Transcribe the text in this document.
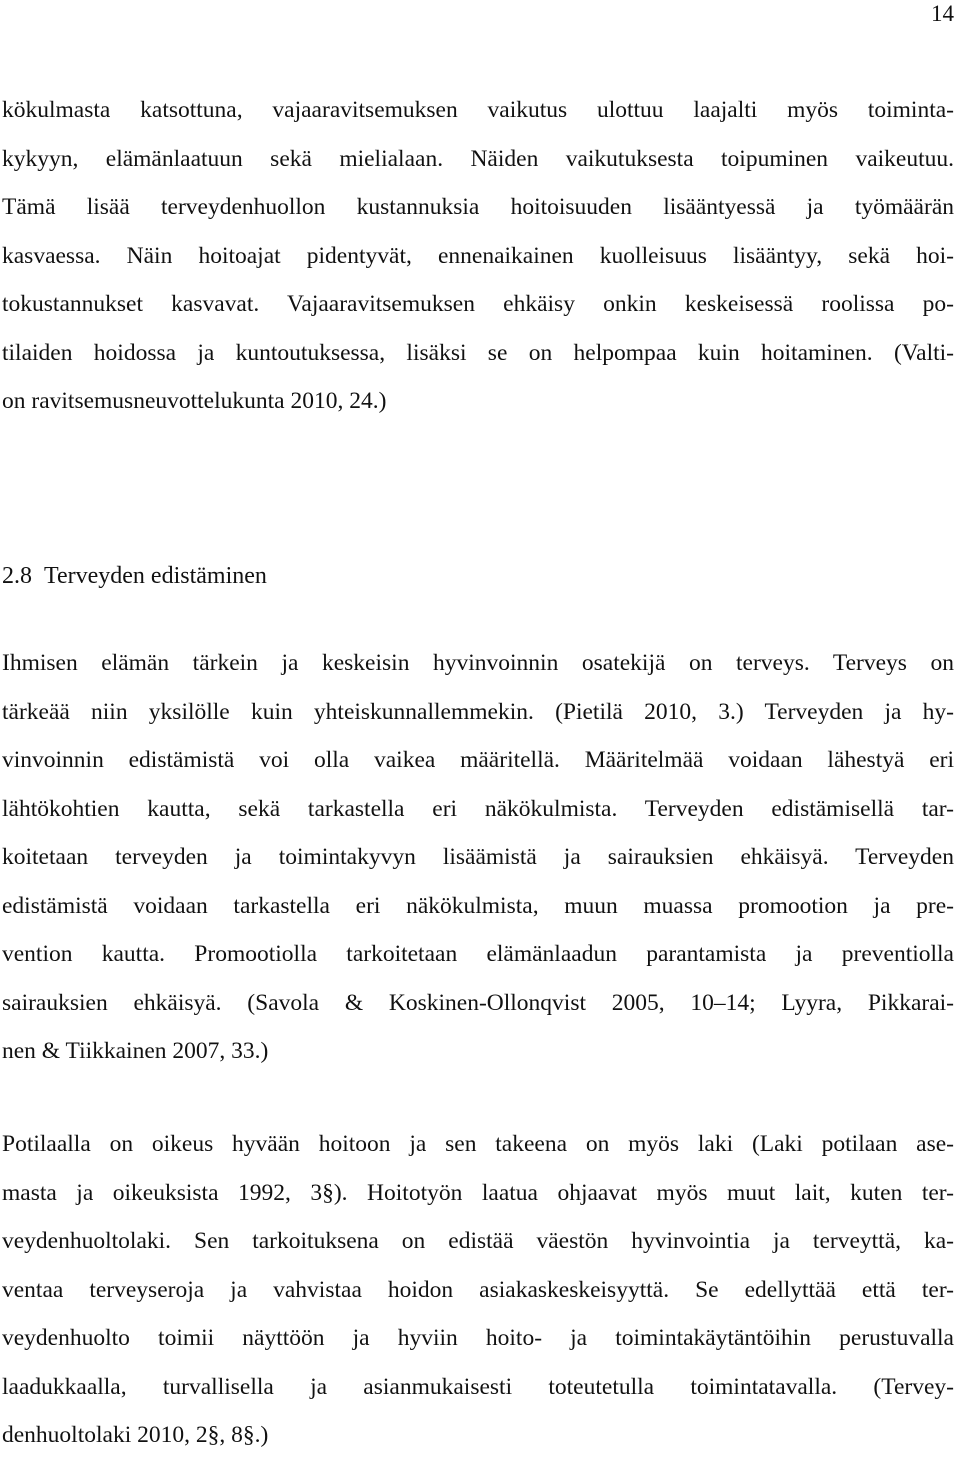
14

kökulmasta katsottuna, vajaaravitsemuksen vaikutus ulottuu laajalti myös toiminta-
kykyyn, elämänlaatuun sekä mielialaan. Näiden vaikutuksesta toipuminen vaikeutuu.
Tämä lisää terveydenhuollon kustannuksia hoitoisuuden lisääntyessä ja työmäärän
kasvaessa. Näin hoitoajat pidentyvät, ennenaikainen kuolleisuus lisääntyy, sekä hoi-
tokustannukset kasvavat. Vajaaravitsemuksen ehkäisy onkin keskeisessä roolissa po-
tilaiden hoidossa ja kuntoutuksessa, lisäksi se on helpompaa kuin hoitaminen. (Valti-
on ravitsemusneuvottelukunta 2010, 24.)

2.8 Terveyden edistäminen

Ihmisen elämän tärkein ja keskeisin hyvinvoinnin osatekijä on terveys. Terveys on
tärkeää niin yksilölle kuin yhteiskunnallemmekin. (Pietilä 2010, 3.) Terveyden ja hy-
vinvoinnin edistämistä voi olla vaikea määritellä. Määritelmää voidaan lähestyä eri
lähtökohtien kautta, sekä tarkastella eri näkökulmista. Terveyden edistämisellä tar-
koitetaan terveyden ja toimintakyvyn lisäämistä ja sairauksien ehkäisyä. Terveyden
edistämistä voidaan tarkastella eri näkökulmista, muun muassa promootion ja pre-
vention kautta. Promootiolla tarkoitetaan elämänlaadun parantamista ja preventiolla
sairauksien ehkäisyä. (Savola & Koskinen-Ollonqvist 2005, 10–14; Lyyra, Pikkarai-
nen & Tiikkainen 2007, 33.)

Potilaalla on oikeus hyvään hoitoon ja sen takeena on myös laki (Laki potilaan ase-
masta ja oikeuksista 1992, 3§). Hoitotyön laatua ohjaavat myös muut lait, kuten ter-
veydenhuoltolaki. Sen tarkoituksena on edistää väestön hyvinvointia ja terveyttä, ka-
ventaa terveyseroja ja vahvistaa hoidon asiakaskeskeisyyttä. Se edellyttää että ter-
veydenhuolto toimii näyttöön ja hyviin hoito- ja toimintakäytäntöihin perustuvalla
laadukkaalla, turvallisella ja asianmukaisesti toteutetulla toimintatavalla. (Tervey-
denhuoltolaki 2010, 2§, 8§.)
